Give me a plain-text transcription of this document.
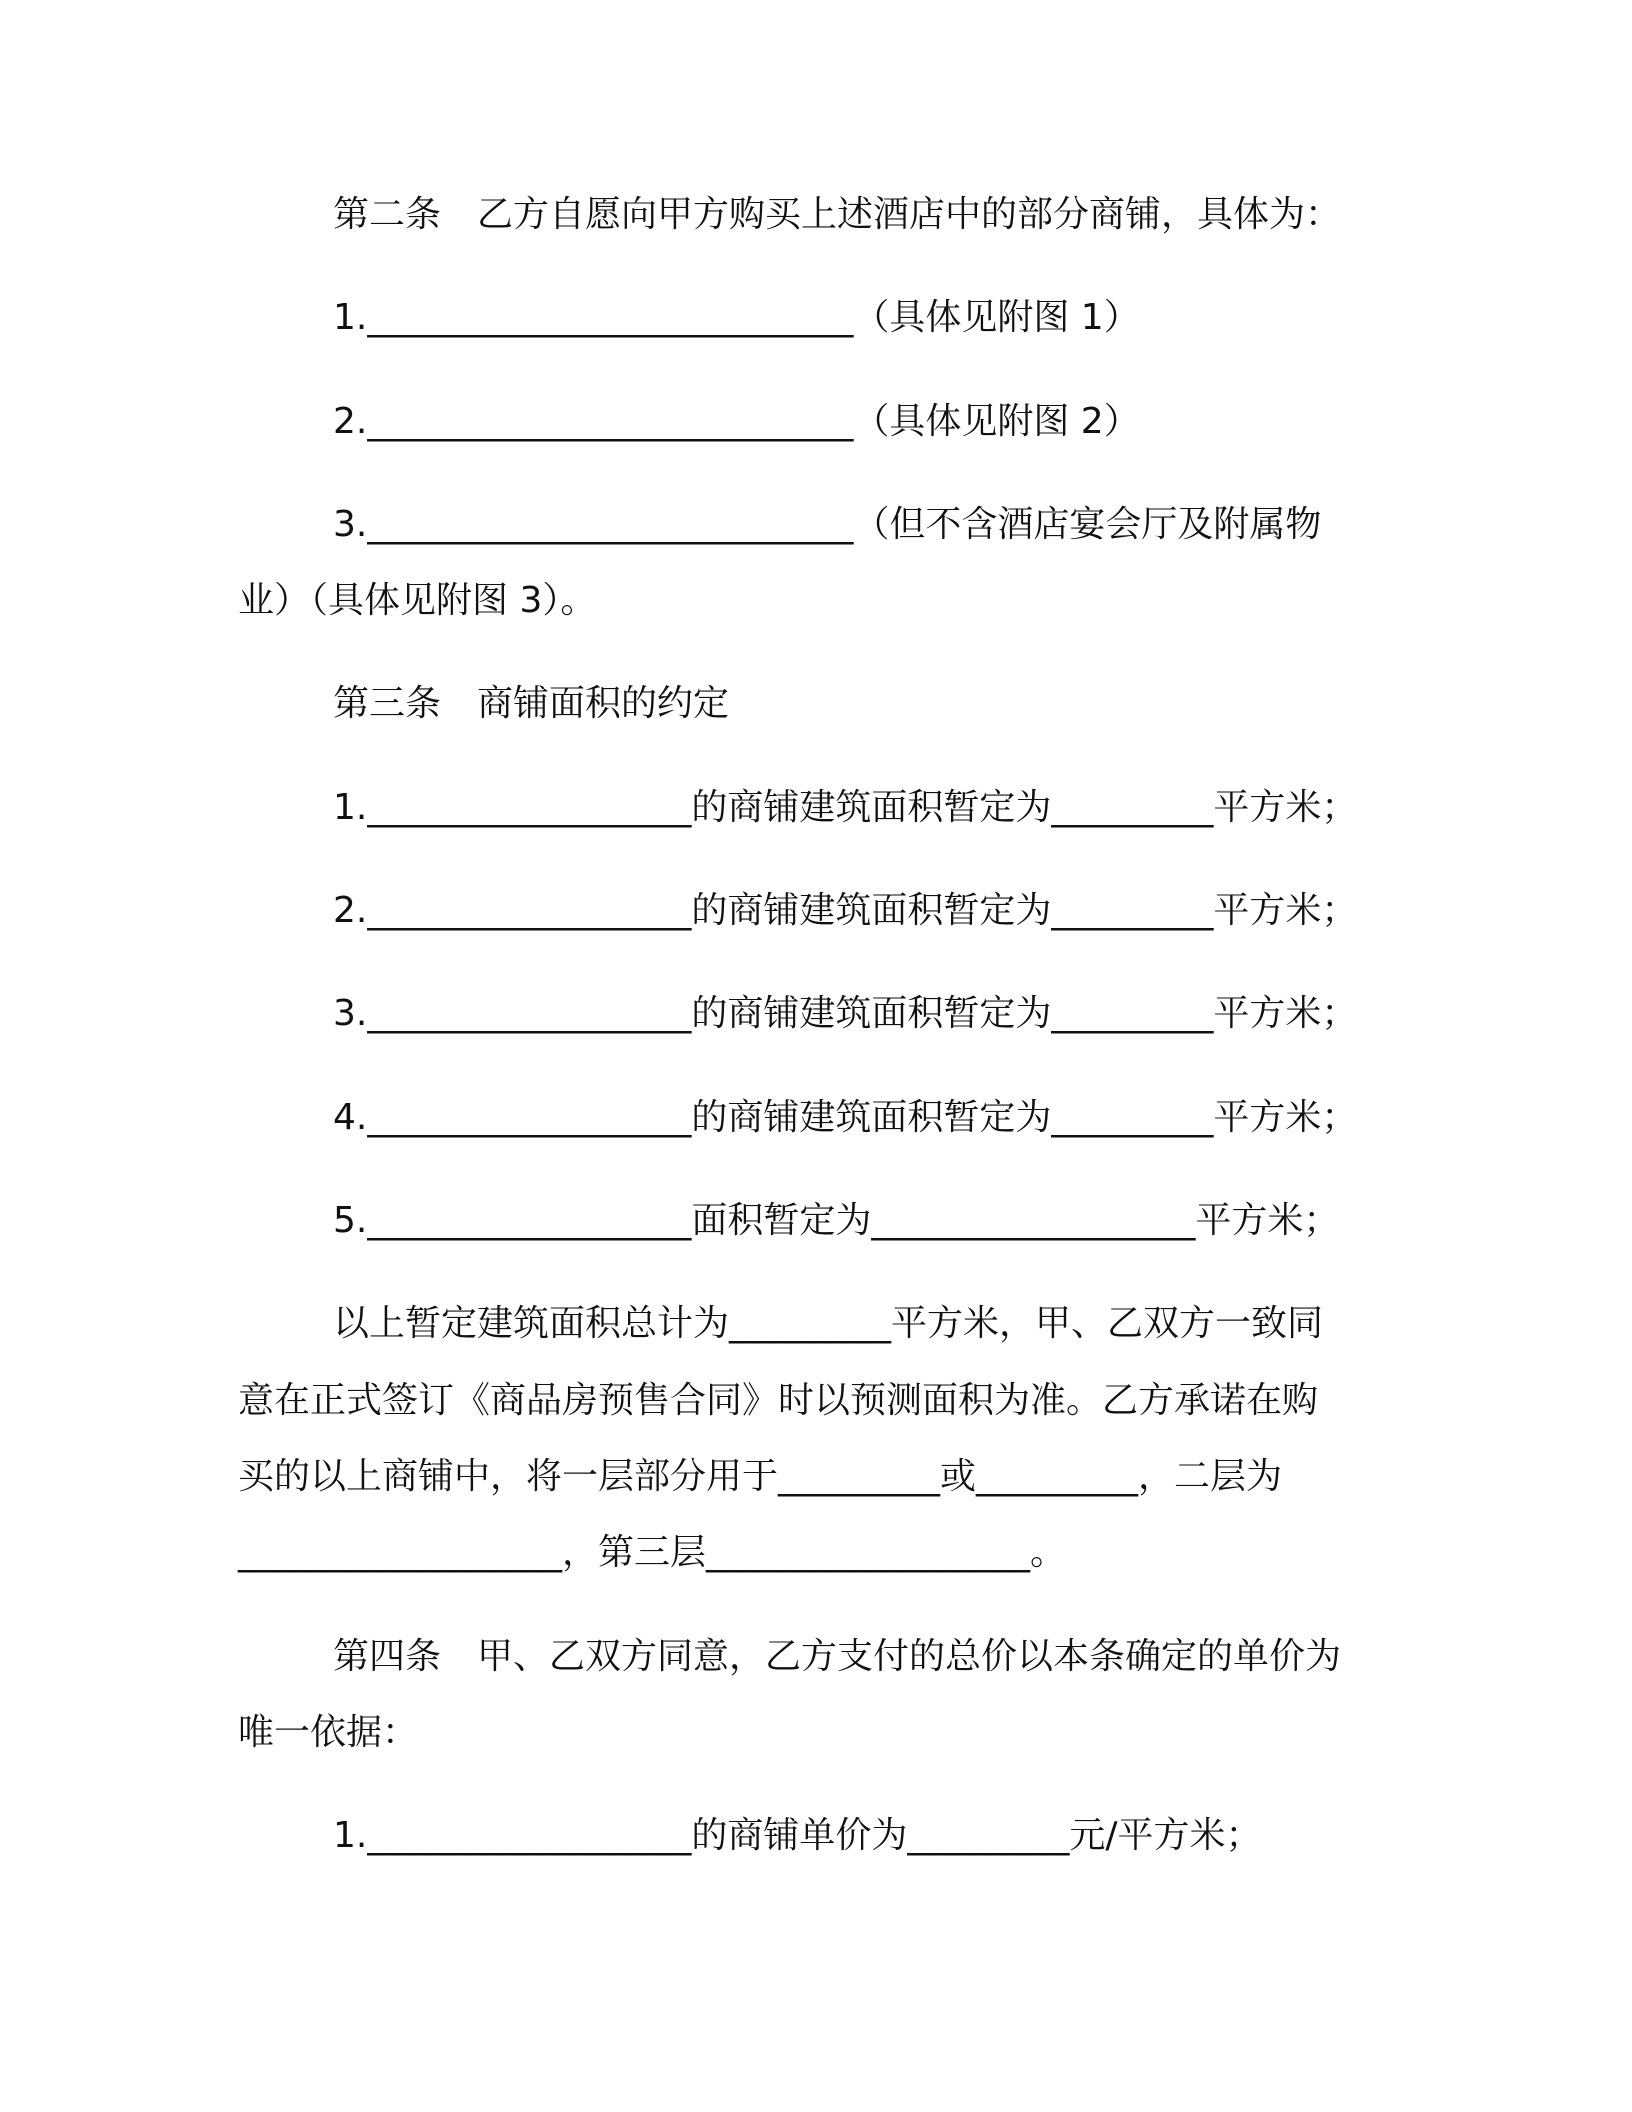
第二条　乙方自愿向甲方购买上述酒店中的部分商铺，具体为：
1.___________________________（具体见附图 1）
2.___________________________（具体见附图 2）
3.___________________________（但不含酒店宴会厅及附属物
业）（具体见附图 3）。
第三条　商铺面积的约定
1.__________________的商铺建筑面积暂定为_________平方米；
2.__________________的商铺建筑面积暂定为_________平方米；
3.__________________的商铺建筑面积暂定为_________平方米；
4.__________________的商铺建筑面积暂定为_________平方米；
5.__________________面积暂定为__________________平方米；
以上暂定建筑面积总计为_________平方米，甲、乙双方一致同
意在正式签订《商品房预售合同》时以预测面积为准。乙方承诺在购
买的以上商铺中，将一层部分用于_________或_________，二层为
__________________，第三层__________________。
第四条　甲、乙双方同意，乙方支付的总价以本条确定的单价为
唯一依据：
1.__________________的商铺单价为_________元/平方米；
